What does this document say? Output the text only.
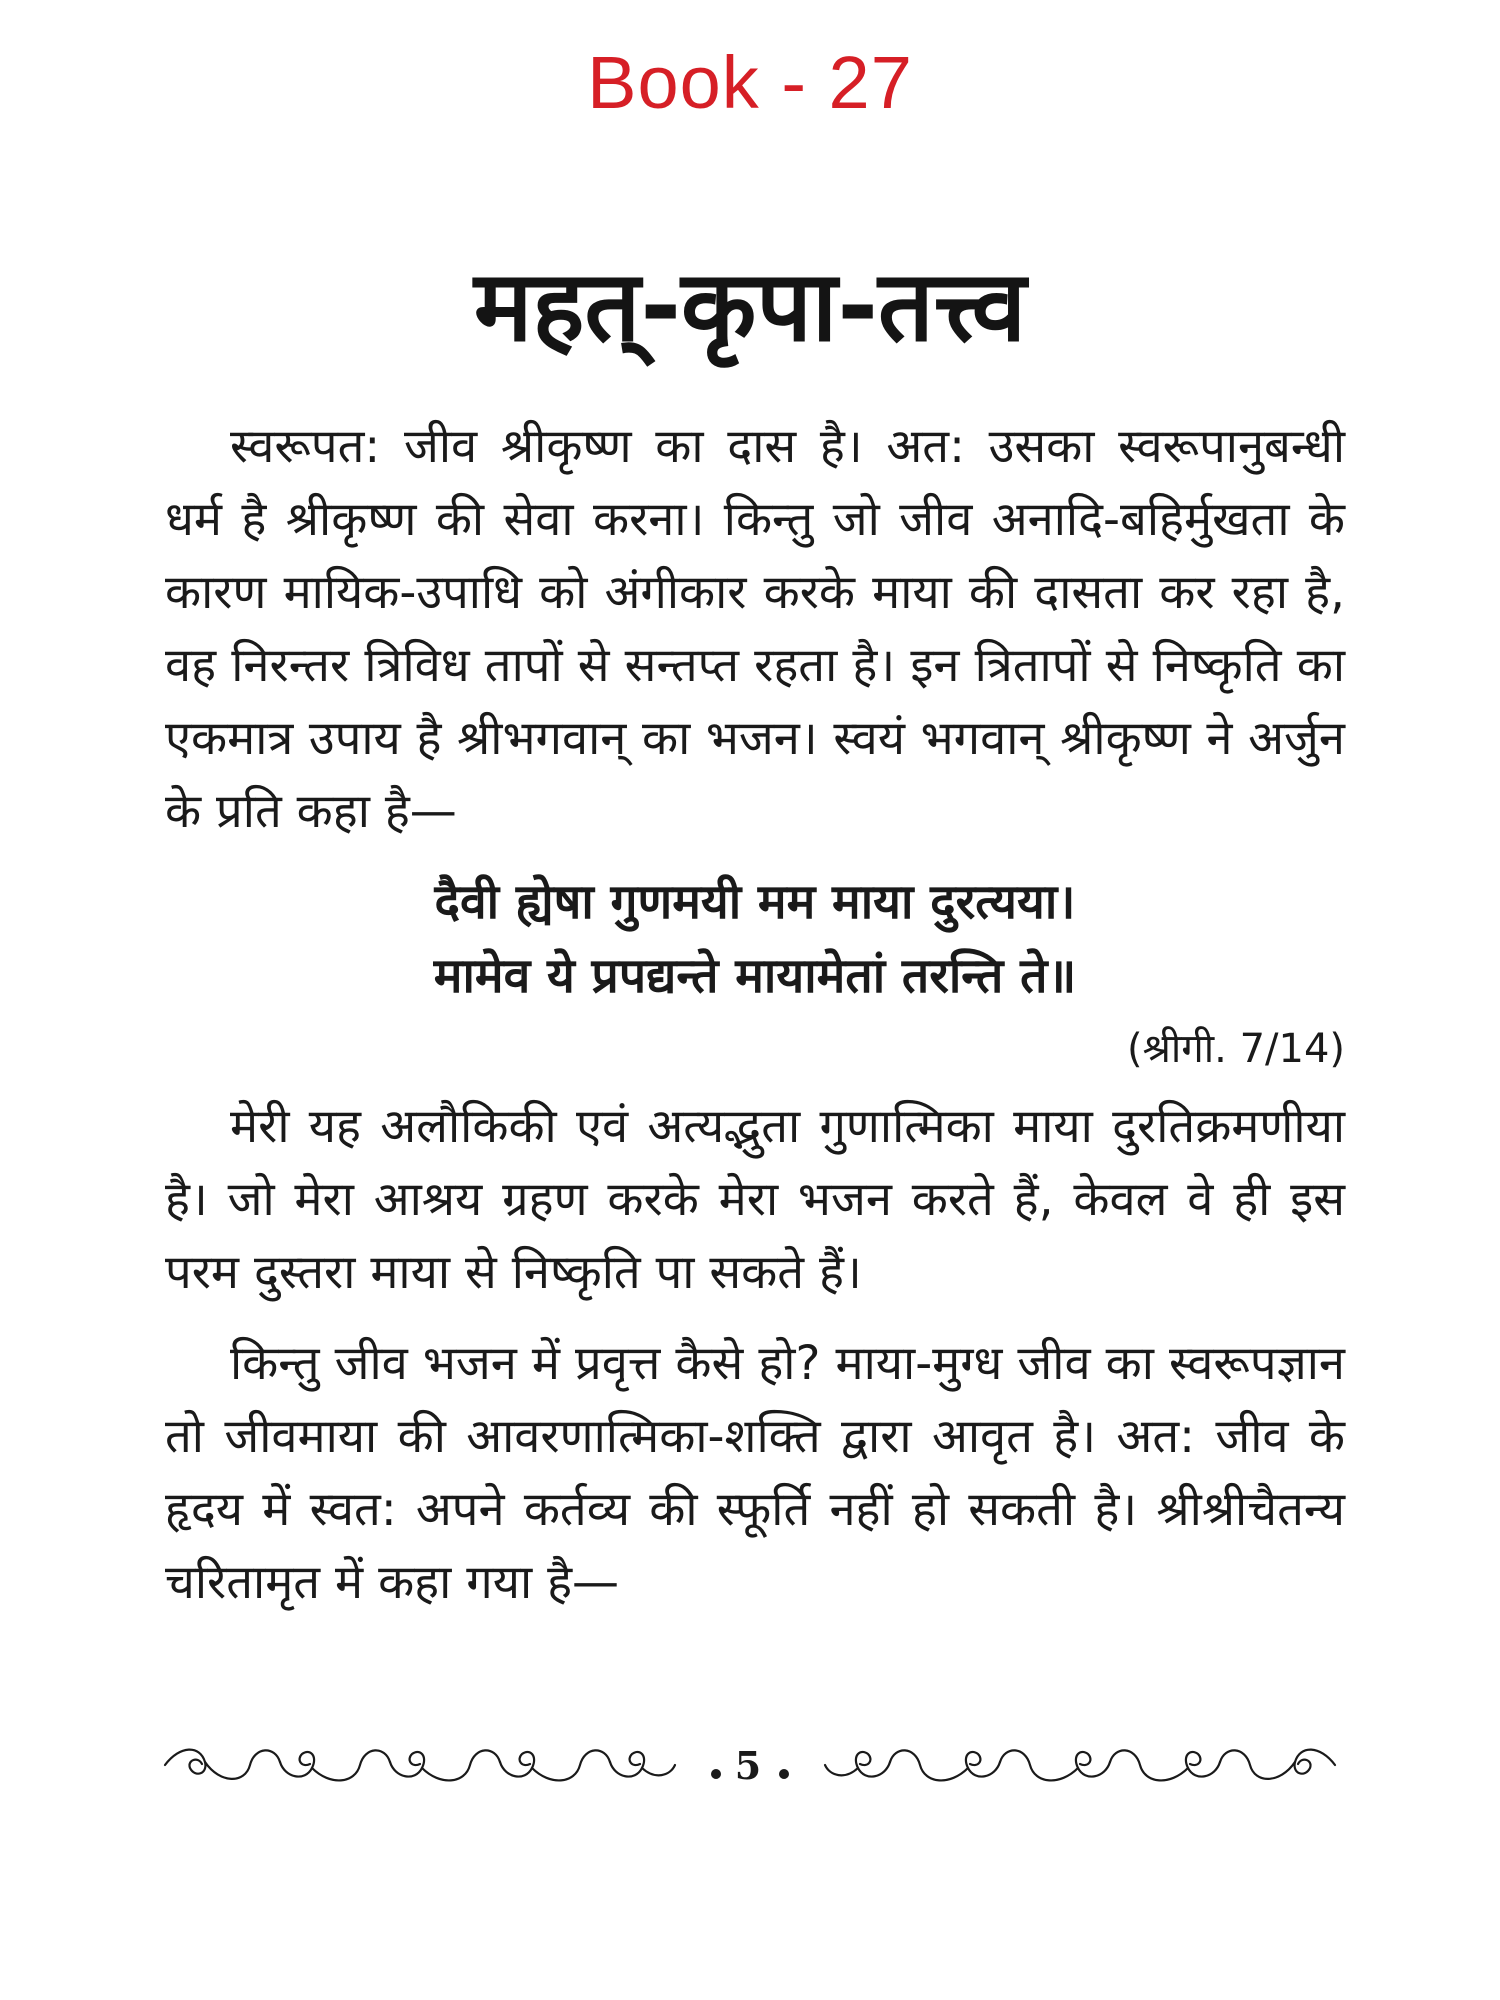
Book - 27
महत्-कृपा-तत्त्व

स्वरूपत: जीव श्रीकृष्ण का दास है। अत: उसका स्वरूपानुबन्धी धर्म है श्रीकृष्ण की सेवा करना। किन्तु जो जीव अनादि-बहिर्मुखता के कारण मायिक-उपाधि को अंगीकार करके माया की दासता कर रहा है, वह निरन्तर त्रिविध तापों से सन्तप्त रहता है। इन त्रितापों से निष्कृति का एकमात्र उपाय है श्रीभगवान् का भजन। स्वयं भगवान् श्रीकृष्ण ने अर्जुन के प्रति कहा है—

दैवी ह्येषा गुणमयी मम माया दुरत्यया।
मामेव ये प्रपद्यन्ते मायामेतां तरन्ति ते॥
(श्रीगी. 7/14)

मेरी यह अलौकिकी एवं अत्यद्भुता गुणात्मिका माया दुरतिक्रमणीया है। जो मेरा आश्रय ग्रहण करके मेरा भजन करते हैं, केवल वे ही इस परम दुस्तरा माया से निष्कृति पा सकते हैं।

किन्तु जीव भजन में प्रवृत्त कैसे हो? माया-मुग्ध जीव का स्वरूपज्ञान तो जीवमाया की आवरणात्मिका-शक्ति द्वारा आवृत है। अत: जीव के हृदय में स्वत: अपने कर्तव्य की स्फूर्ति नहीं हो सकती है। श्रीश्रीचैतन्य चरितामृत में कहा गया है—

5
